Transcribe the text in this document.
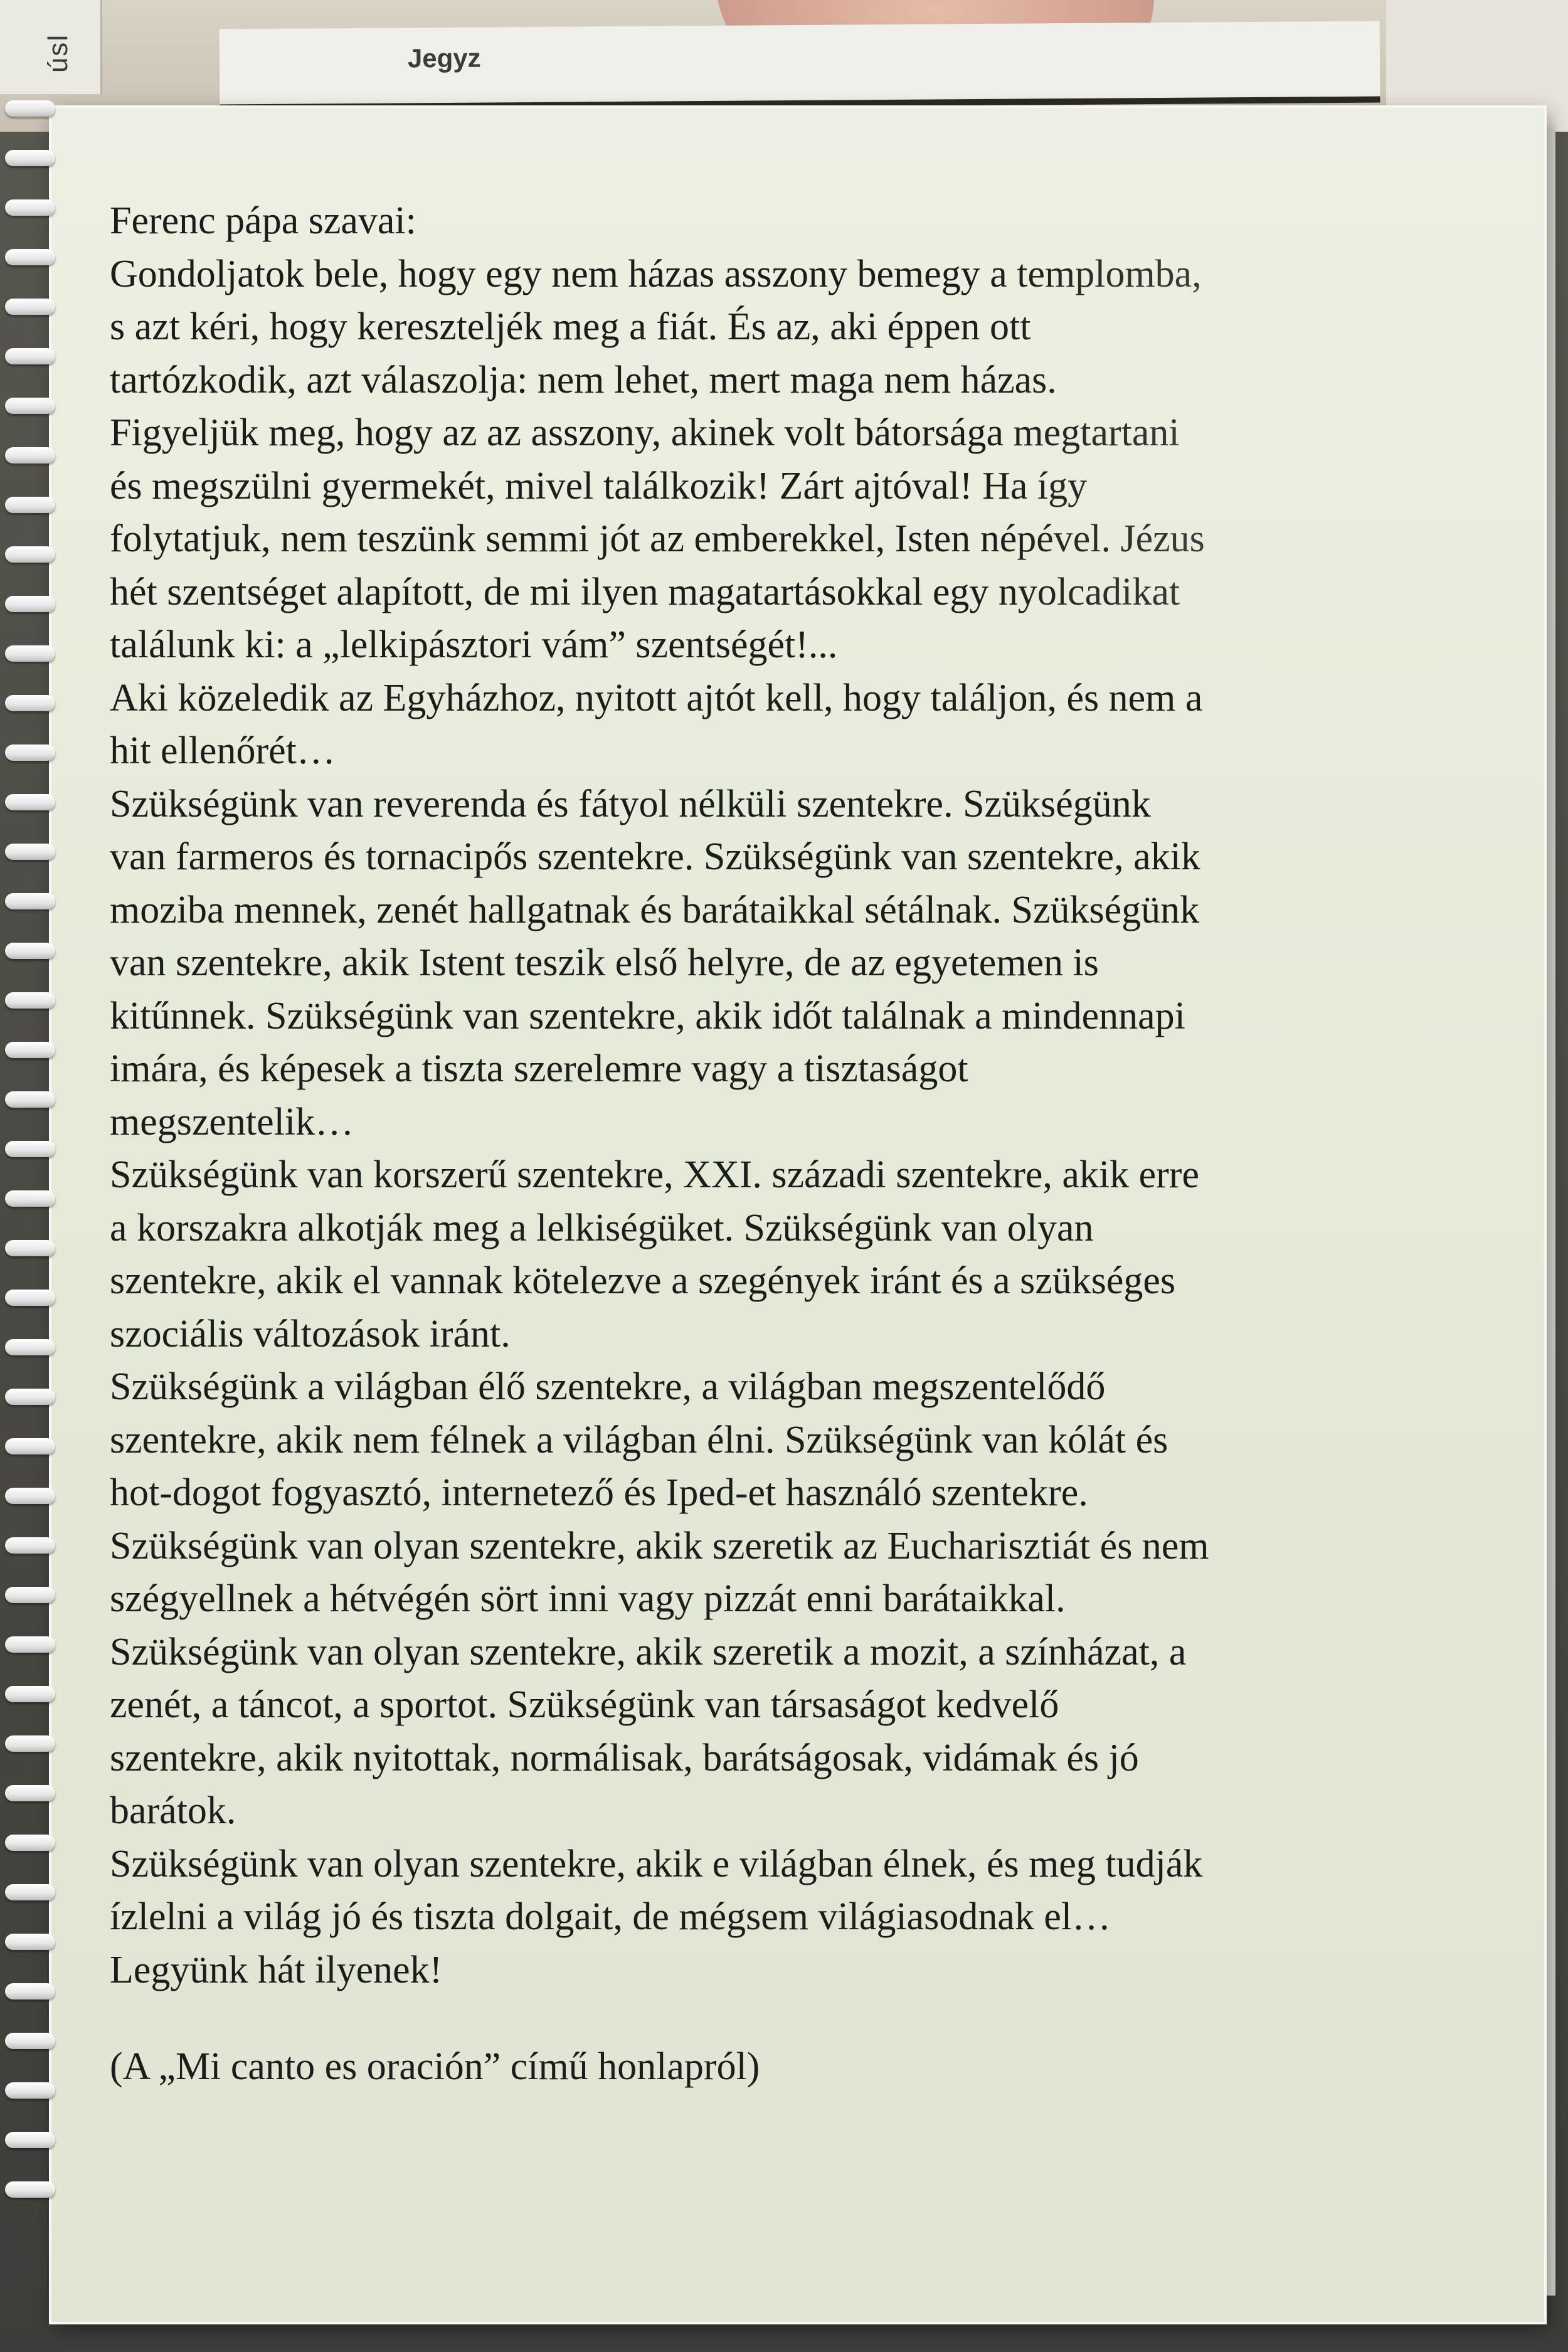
úsl	Jegyz
Ferenc pápa szavai:
Gondoljatok bele, hogy egy nem házas asszony bemegy a templomba,
s azt kéri, hogy kereszteljék meg a fiát. És az, aki éppen ott
tartózkodik, azt válaszolja: nem lehet, mert maga nem házas.
Figyeljük meg, hogy az az asszony, akinek volt bátorsága megtartani
és megszülni gyermekét, mivel találkozik! Zárt ajtóval! Ha így
folytatjuk, nem teszünk semmi jót az emberekkel, Isten népével. Jézus
hét szentséget alapított, de mi ilyen magatartásokkal egy nyolcadikat
találunk ki: a „lelkipásztori vám” szentségét!...
Aki közeledik az Egyházhoz, nyitott ajtót kell, hogy találjon, és nem a
hit ellenőrét…
Szükségünk van reverenda és fátyol nélküli szentekre. Szükségünk
van farmeros és tornacipős szentekre. Szükségünk van szentekre, akik
moziba mennek, zenét hallgatnak és barátaikkal sétálnak. Szükségünk
van szentekre, akik Istent teszik első helyre, de az egyetemen is
kitűnnek. Szükségünk van szentekre, akik időt találnak a mindennapi
imára, és képesek a tiszta szerelemre vagy a tisztaságot
megszentelik…
Szükségünk van korszerű szentekre, XXI. századi szentekre, akik erre
a korszakra alkotják meg a lelkiségüket. Szükségünk van olyan
szentekre, akik el vannak kötelezve a szegények iránt és a szükséges
szociális változások iránt.
Szükségünk a világban élő szentekre, a világban megszentelődő
szentekre, akik nem félnek a világban élni. Szükségünk van kólát és
hot-dogot fogyasztó, internetező és Iped-et használó szentekre.
Szükségünk van olyan szentekre, akik szeretik az Eucharisztiát és nem
szégyellnek a hétvégén sört inni vagy pizzát enni barátaikkal.
Szükségünk van olyan szentekre, akik szeretik a mozit, a színházat, a
zenét, a táncot, a sportot. Szükségünk van társaságot kedvelő
szentekre, akik nyitottak, normálisak, barátságosak, vidámak és jó
barátok.
Szükségünk van olyan szentekre, akik e világban élnek, és meg tudják
ízlelni a világ jó és tiszta dolgait, de mégsem világiasodnak el…
Legyünk hát ilyenek!
(A „Mi canto es oración” című honlapról)
